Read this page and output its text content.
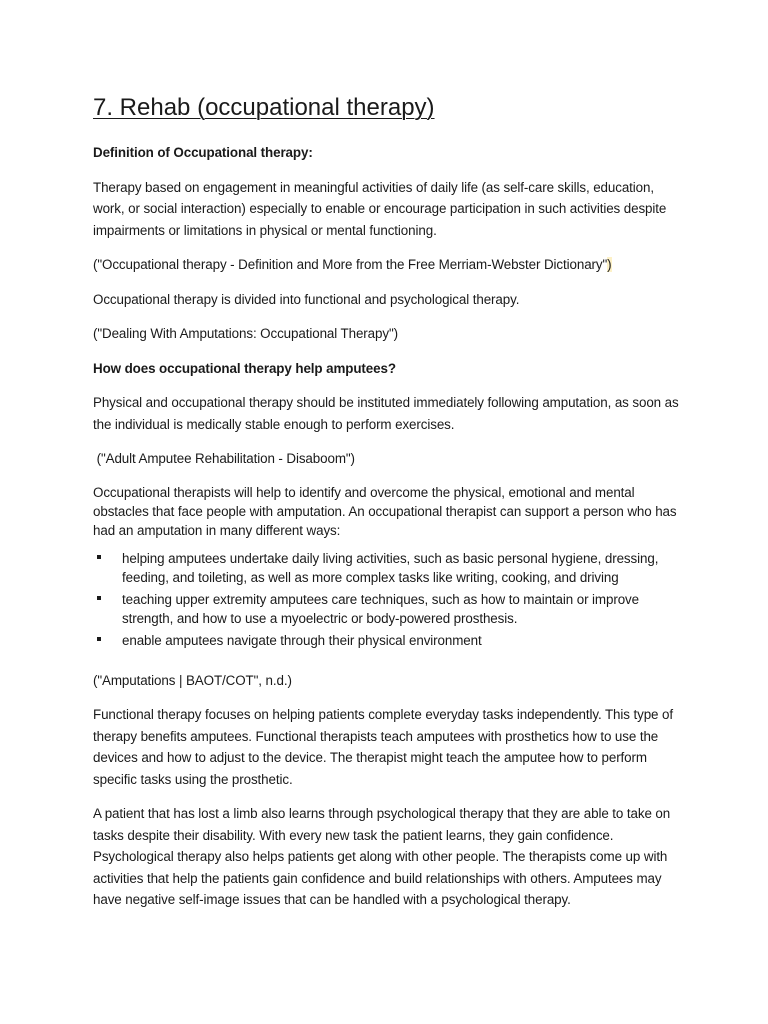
7. Rehab (occupational therapy)

Definition of Occupational therapy:

Therapy based on engagement in meaningful activities of daily life (as self-care skills, education, work, or social interaction) especially to enable or encourage participation in such activities despite impairments or limitations in physical or mental functioning.

("Occupational therapy - Definition and More from the Free Merriam-Webster Dictionary")

Occupational therapy is divided into functional and psychological therapy.

("Dealing With Amputations: Occupational Therapy")

How does occupational therapy help amputees?

Physical and occupational therapy should be instituted immediately following amputation, as soon as the individual is medically stable enough to perform exercises.

("Adult Amputee Rehabilitation - Disaboom")

Occupational therapists will help to identify and overcome the physical, emotional and mental obstacles that face people with amputation. An occupational therapist can support a person who has had an amputation in many different ways:

helping amputees undertake daily living activities, such as basic personal hygiene, dressing, feeding, and toileting, as well as more complex tasks like writing, cooking, and driving
teaching upper extremity amputees care techniques, such as how to maintain or improve strength, and how to use a myoelectric or body-powered prosthesis.
enable amputees navigate through their physical environment

("Amputations | BAOT/COT", n.d.)

Functional therapy focuses on helping patients complete everyday tasks independently. This type of therapy benefits amputees. Functional therapists teach amputees with prosthetics how to use the devices and how to adjust to the device. The therapist might teach the amputee how to perform specific tasks using the prosthetic.

A patient that has lost a limb also learns through psychological therapy that they are able to take on tasks despite their disability. With every new task the patient learns, they gain confidence. Psychological therapy also helps patients get along with other people. The therapists come up with activities that help the patients gain confidence and build relationships with others. Amputees may have negative self-image issues that can be handled with a psychological therapy.
